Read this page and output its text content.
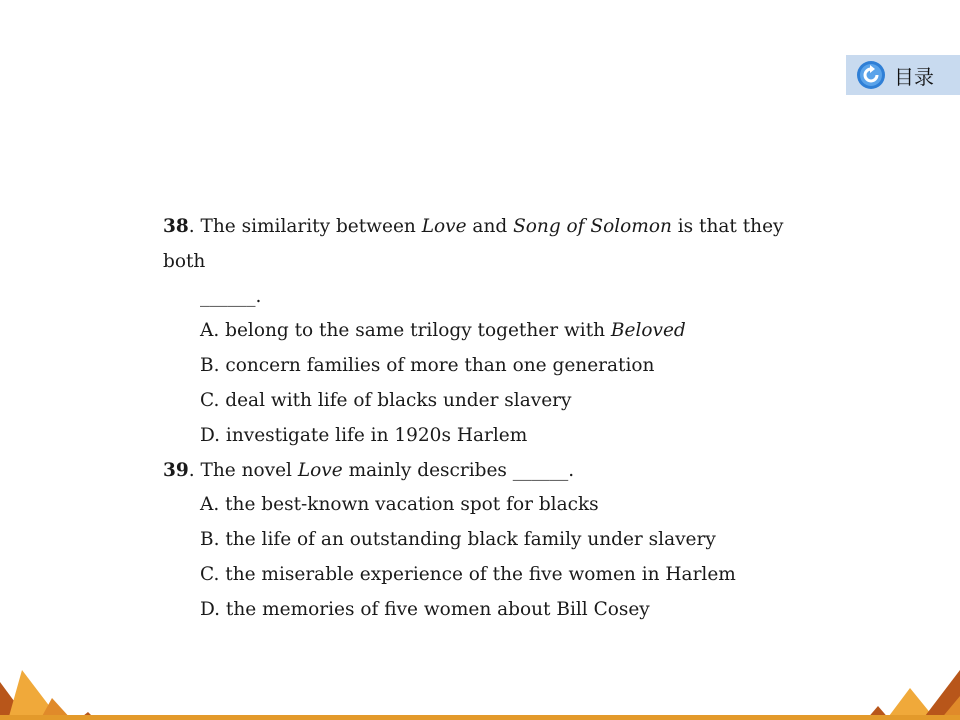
目录

38. The similarity between Love and Song of Solomon is that they both

______.

A. belong to the same trilogy together with Beloved

B. concern families of more than one generation

C. deal with life of blacks under slavery

D. investigate life in 1920s Harlem

39. The novel Love mainly describes ______.

A. the best-known vacation spot for blacks

B. the life of an outstanding black family under slavery

C. the miserable experience of the five women in Harlem

D. the memories of five women about Bill Cosey
